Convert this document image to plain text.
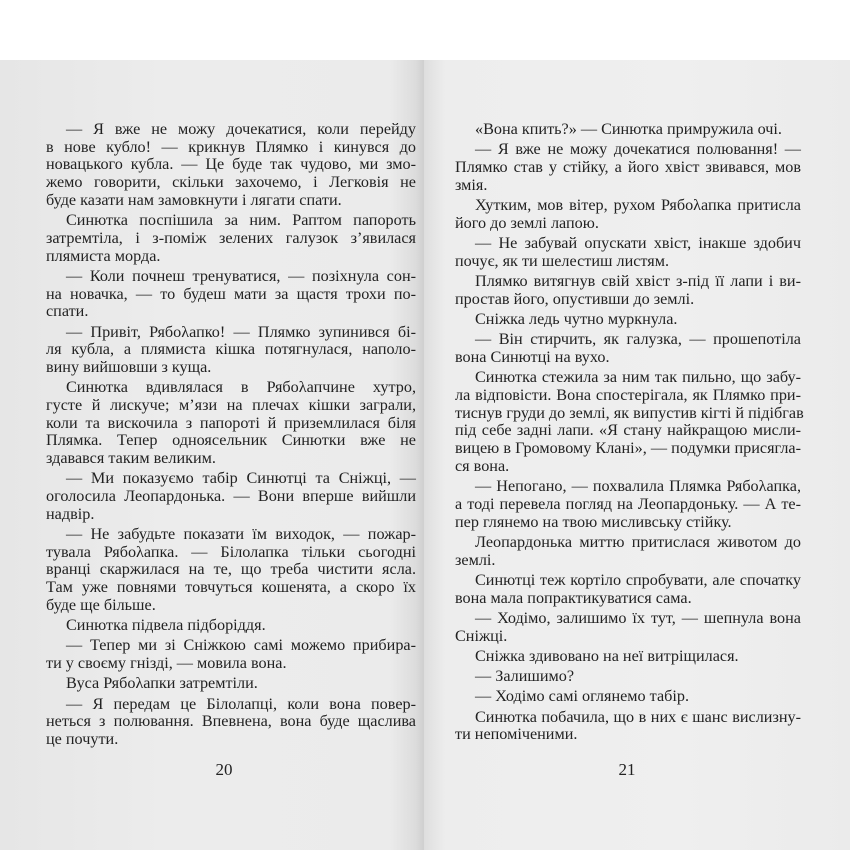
— Я вже не можу дочекатися, коли перейду
в нове кубло! — крикнув Плямко і кинувся до
новацького кубла. — Це буде так чудово, ми змо-
жемо говорити, скільки захочемо, і Легковія не
буде казати нам замовкнути і лягати спати.
Синютка поспішила за ним. Раптом папороть
затремтіла, і з-поміж зелених галузок з’явилася
плямиста морда.
— Коли почнеш тренуватися, — позіхнула сон-
на новачка, — то будеш мати за щастя трохи по-
спати.
— Привіт, Рябολапко! — Плямко зупинився бі-
ля кубла, а плямиста кішка потягнулася, наполо-
вину вийшовши з куща.
Синютка вдивлялася в Рябολапчине хутро,
густе й лискуче; м’язи на плечах кішки заграли,
коли та вискочила з папороті й приземлилася біля
Плямка. Тепер одноясельник Синютки вже не
здавався таким великим.
— Ми показуємо табір Синютці та Сніжці, —
оголосила Леопардонька. — Вони вперше вийшли
надвір.
— Не забудьте показати їм виходок, — пожар-
тувала Рябολапка. — Білолапка тільки сьогодні
вранці скаржилася на те, що треба чистити ясла.
Там уже повнями товчуться кошенята, а скоро їх
буде ще більше.
Синютка підвела підборіддя.
— Тепер ми зі Сніжкою самі можемо прибира-
ти у своєму гнізді, — мовила вона.
Вуса Рябολапки затремтіли.
— Я передам це Білолапці, коли вона повер-
неться з полювання. Впевнена, вона буде щаслива
це почути.
20
«Вона кпить?» — Синютка примружила очі.
— Я вже не можу дочекатися полювання! —
Плямко став у стійку, а його хвіст звивався, мов
змія.
Хутким, мов вітер, рухом Рябολапка притисла
його до землі лапою.
— Не забувай опускати хвіст, інакше здобич
почує, як ти шелестиш листям.
Плямко витягнув свій хвіст з-під її лапи і ви-
простав його, опустивши до землі.
Сніжка ледь чутно муркнула.
— Він стирчить, як галузка, — прошепотіла
вона Синютці на вухо.
Синютка стежила за ним так пильно, що забу-
ла відповісти. Вона спостерігала, як Плямко при-
тиснув груди до землі, як випустив кігті й підібгав
під себе задні лапи. «Я стану найкращою мисли-
вицею в Громовому Клані», — подумки присягла-
ся вона.
— Непогано, — похвалила Плямка Рябολапка,
а тоді перевела погляд на Леопардоньку. — А те-
пер глянемо на твою мисливську стійку.
Леопардонька миттю притислася животом до
землі.
Синютці теж кортіло спробувати, але спочатку
вона мала попрактикуватися сама.
— Ходімо, залишимо їх тут, — шепнула вона
Сніжці.
Сніжка здивовано на неї витріщилася.
— Залишимо?
— Ходімо самі оглянемо табір.
Синютка побачила, що в них є шанс вислизну-
ти непоміченими.
21
